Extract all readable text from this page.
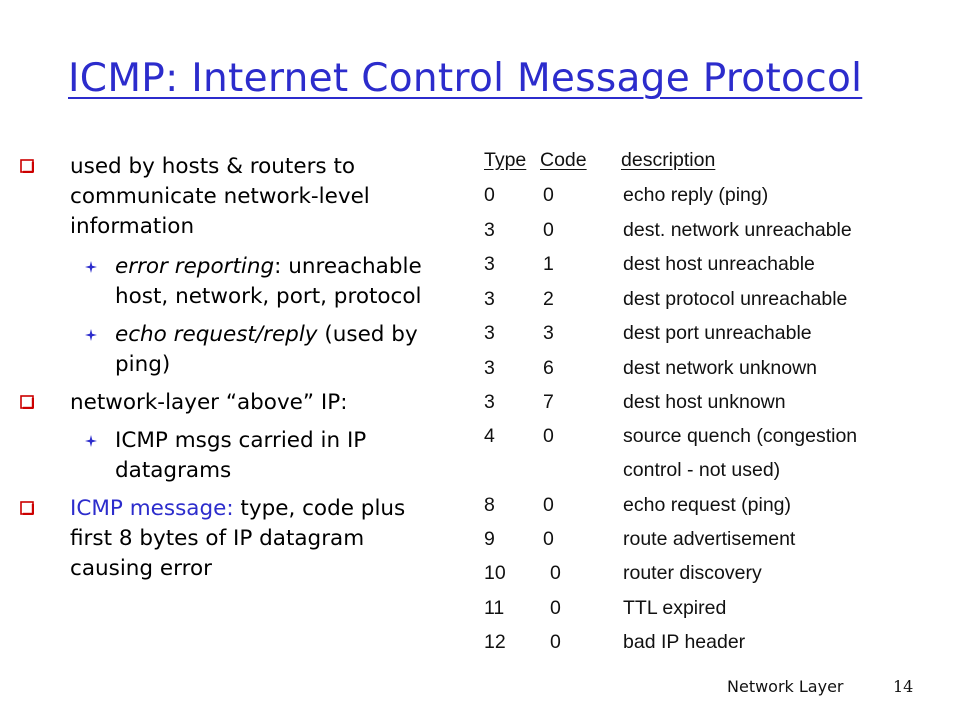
ICMP: Internet Control Message Protocol

used by hosts & routers to communicate network-level information

error reporting: unreachable host, network, port, protocol

echo request/reply (used by ping)

network-layer “above” IP:

ICMP msgs carried in IP datagrams

ICMP message: type, code plus first 8 bytes of IP datagram causing error

Type Code description
0 0	echo reply (ping)
3 0	dest. network unreachable
3 1	dest host unreachable
3 2	dest protocol unreachable
3 3	dest port unreachable
3 6	dest network unknown
3 7	dest host unknown
4 0	source quench (congestion
control - not used)
8 0	echo request (ping)
9 0	route advertisement
10 0	router discovery
11 0	TTL expired
12 0	bad IP header
Network Layer	14
